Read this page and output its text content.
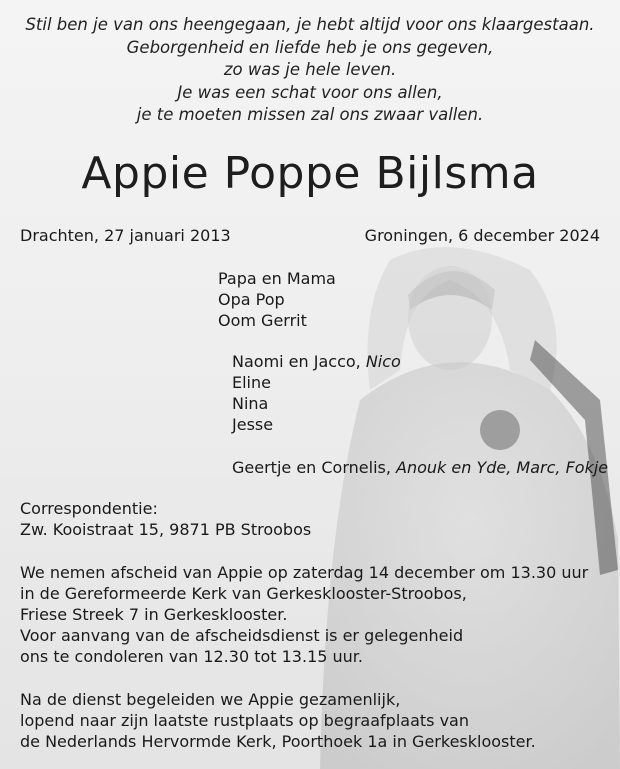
Stil ben je van ons heengegaan, je hebt altijd voor ons klaargestaan.
Geborgenheid en liefde heb je ons gegeven,
zo was je hele leven.
Je was een schat voor ons allen,
je te moeten missen zal ons zwaar vallen.
Appie Poppe Bijlsma
Drachten, 27 januari 2013	Groningen, 6 december 2024
Papa en Mama
Opa Pop
Oom Gerrit
Naomi en Jacco, Nico
Eline
Nina
Jesse
Geertje en Cornelis, Anouk en Yde, Marc, Fokje
Correspondentie:
Zw. Kooistraat 15, 9871 PB Stroobos
We nemen afscheid van Appie op zaterdag 14 december om 13.30 uur
in de Gereformeerde Kerk van Gerkesklooster-Stroobos,
Friese Streek 7 in Gerkesklooster.
Voor aanvang van de afscheidsdienst is er gelegenheid
ons te condoleren van 12.30 tot 13.15 uur.
Na de dienst begeleiden we Appie gezamenlijk,
lopend naar zijn laatste rustplaats op begraafplaats van
de Nederlands Hervormde Kerk, Poorthoek 1a in Gerkesklooster.
